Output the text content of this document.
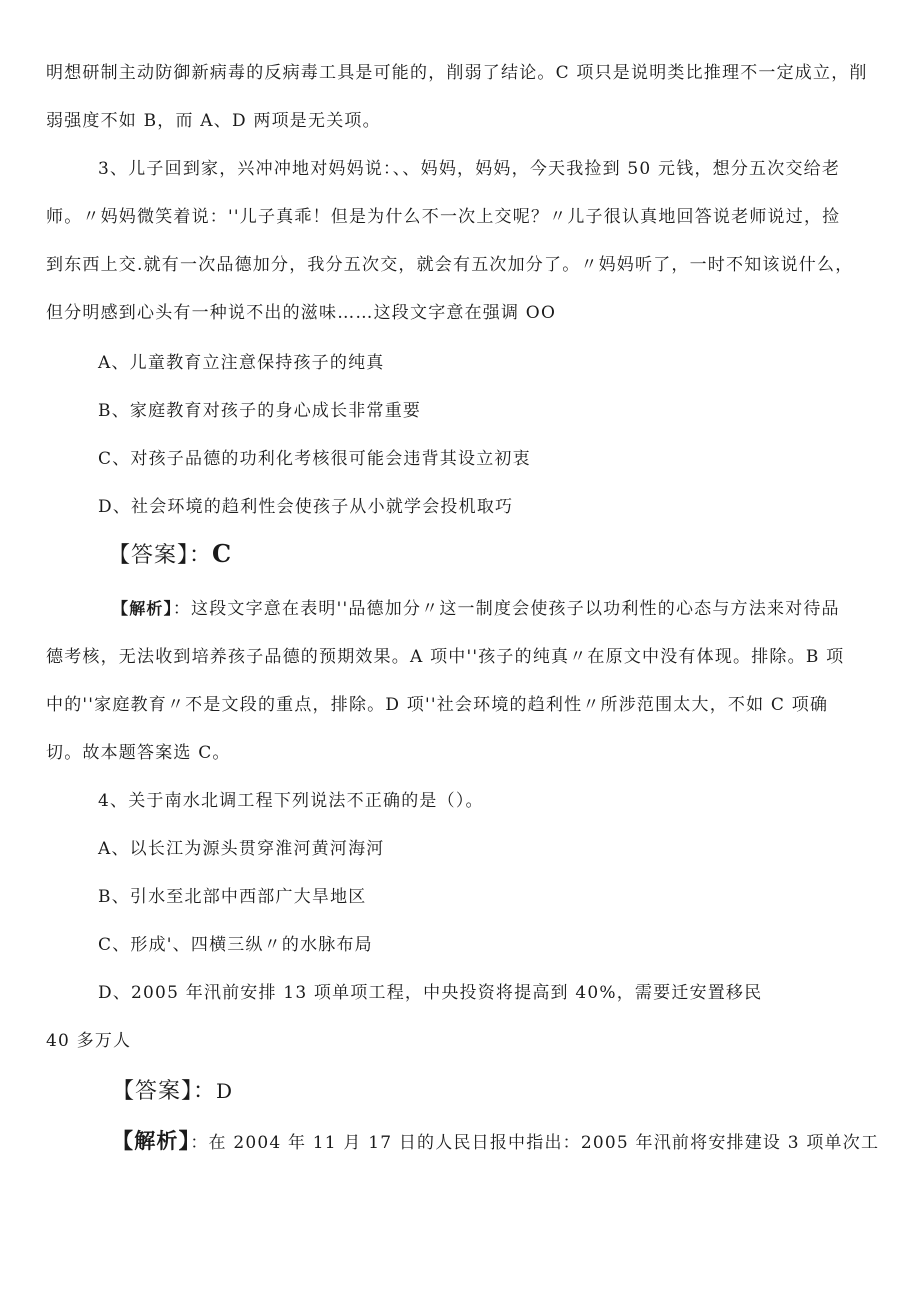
明想研制主动防御新病毒的反病毒工具是可能的，削弱了结论。C 项只是说明类比推理不一定成立，削
弱强度不如 B，而 A、D 两项是无关项。
3、儿子回到家，兴冲冲地对妈妈说：、、妈妈，妈妈，今天我捡到 50 元钱，想分五次交给老
师。〃妈妈微笑着说：''儿子真乖！但是为什么不一次上交呢？〃儿子很认真地回答说老师说过，捡
到东西上交.就有一次品德加分，我分五次交，就会有五次加分了。〃妈妈听了，一时不知该说什么，
但分明感到心头有一种说不出的滋味……这段文字意在强调 OO
A、儿童教育立注意保持孩子的纯真
B、家庭教育对孩子的身心成长非常重要
C、对孩子品德的功利化考核很可能会违背其设立初衷
D、社会环境的趋利性会使孩子从小就学会投机取巧
【答案】：C
【解析】：这段文字意在表明''品德加分〃这一制度会使孩子以功利性的心态与方法来对待品
德考核，无法收到培养孩子品德的预期效果。A 项中''孩子的纯真〃在原文中没有体现。排除。B 项
中的''家庭教育〃不是文段的重点，排除。D 项''社会环境的趋利性〃所涉范围太大，不如 C 项确
切。故本题答案选 C。
4、关于南水北调工程下列说法不正确的是（）。
A、以长江为源头贯穿淮河黄河海河
B、引水至北部中西部广大旱地区
C、形成'、四横三纵〃的水脉布局
D、2005 年汛前安排 13 项单项工程，中央投资将提高到 40%，需要迁安置移民
40 多万人
【答案】：D
【解析】：在 2004 年 11 月 17 日的人民日报中指出：2005 年汛前将安排建设 3 项单次工
